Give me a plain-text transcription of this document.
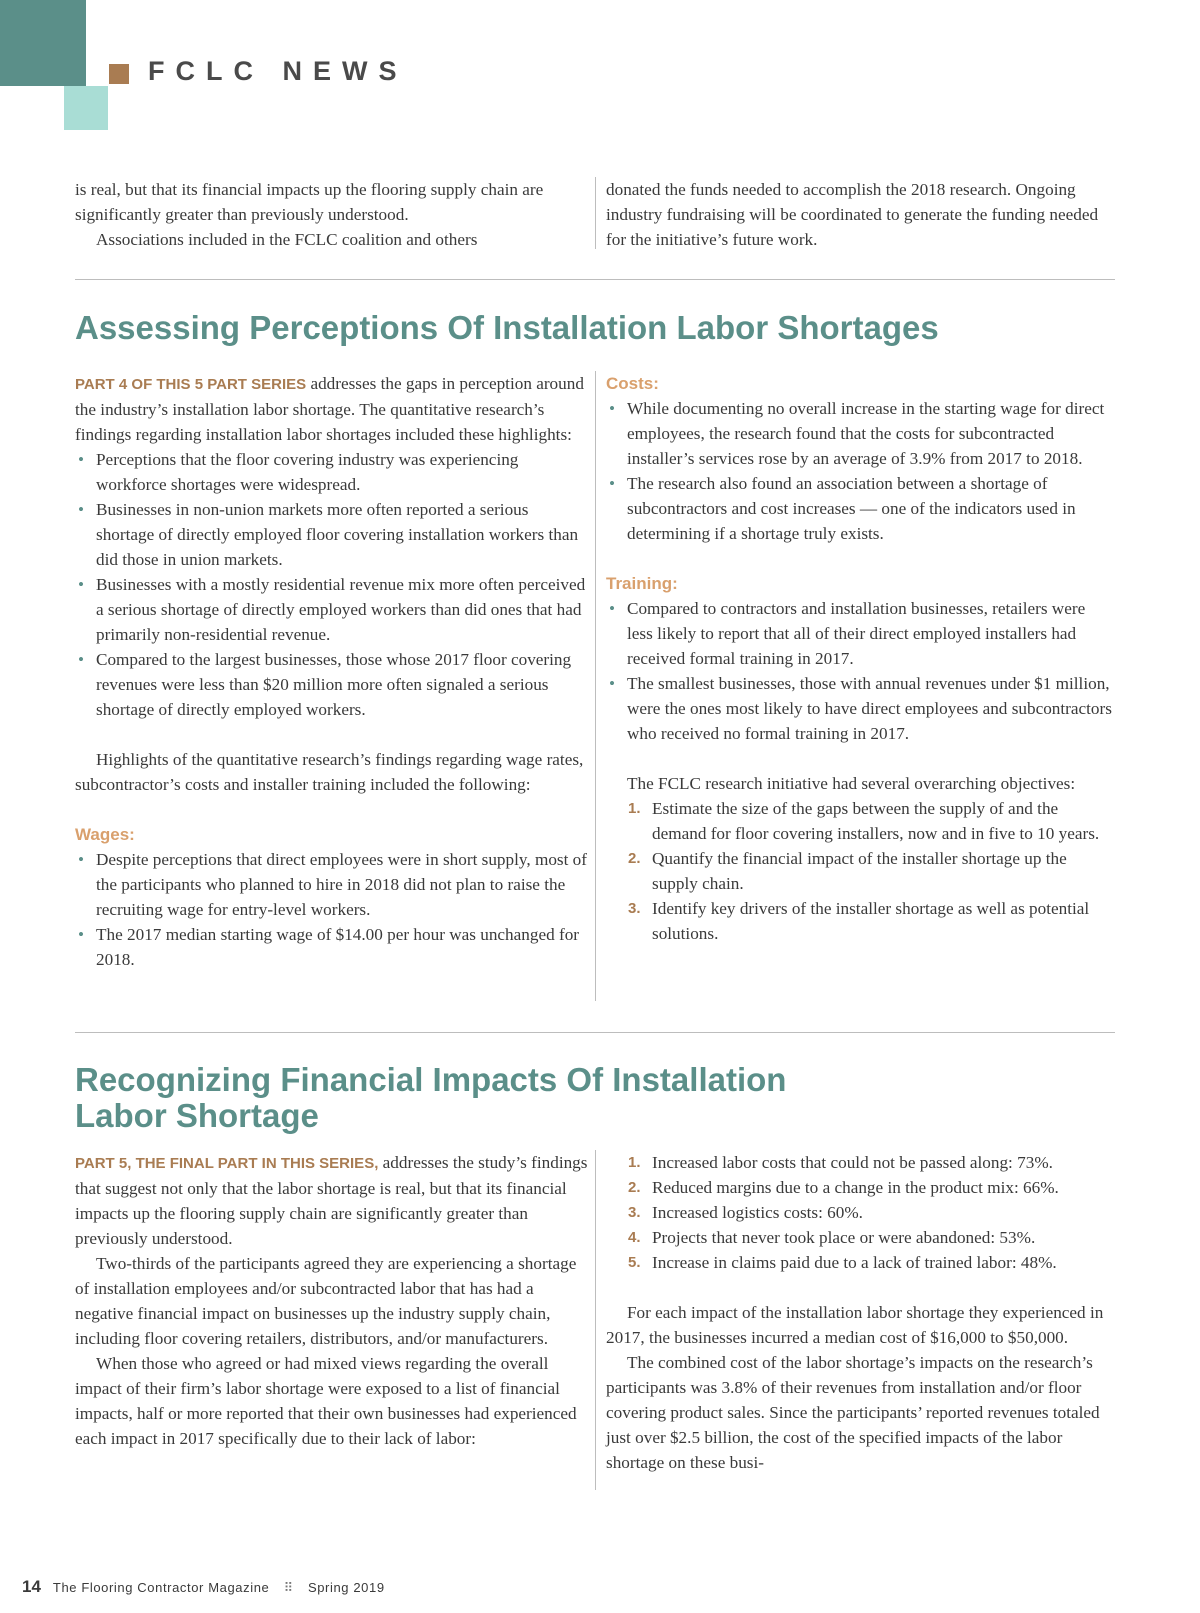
FCLC NEWS

is real, but that its financial impacts up the flooring supply chain are significantly greater than previously understood.

Associations included in the FCLC coalition and others

donated the funds needed to accomplish the 2018 research. Ongoing industry fundraising will be coordinated to generate the funding needed for the initiative’s future work.

Assessing Perceptions Of Installation Labor Shortages

PART 4 OF THIS 5 PART SERIES addresses the gaps in perception around the industry’s installation labor shortage. The quantitative research’s findings regarding installation labor shortages included these highlights:

• Perceptions that the floor covering industry was experiencing workforce shortages were widespread.
• Businesses in non-union markets more often reported a serious shortage of directly employed floor covering installation workers than did those in union markets.
• Businesses with a mostly residential revenue mix more often perceived a serious shortage of directly employed workers than did ones that had primarily non-residential revenue.
• Compared to the largest businesses, those whose 2017 floor covering revenues were less than $20 million more often signaled a serious shortage of directly employed workers.

Highlights of the quantitative research’s findings regarding wage rates, subcontractor’s costs and installer training included the following:

Wages:
• Despite perceptions that direct employees were in short supply, most of the participants who planned to hire in 2018 did not plan to raise the recruiting wage for entry-level workers.
• The 2017 median starting wage of $14.00 per hour was unchanged for 2018.
Costs:
• While documenting no overall increase in the starting wage for direct employees, the research found that the costs for subcontracted installer’s services rose by an average of 3.9% from 2017 to 2018.
• The research also found an association between a shortage of subcontractors and cost increases — one of the indicators used in determining if a shortage truly exists.
Training:
• Compared to contractors and installation businesses, retailers were less likely to report that all of their direct employed installers had received formal training in 2017.
• The smallest businesses, those with annual revenues under $1 million, were the ones most likely to have direct employees and subcontractors who received no formal training in 2017.

The FCLC research initiative had several overarching objectives:

1. Estimate the size of the gaps between the supply of and the demand for floor covering installers, now and in five to 10 years.
2. Quantify the financial impact of the installer shortage up the supply chain.
3. Identify key drivers of the installer shortage as well as potential solutions.
Recognizing Financial Impacts Of Installation
Labor Shortage

PART 5, THE FINAL PART IN THIS SERIES, addresses the study’s findings that suggest not only that the labor shortage is real, but that its financial impacts up the flooring supply chain are significantly greater than previously understood.

Two-thirds of the participants agreed they are experiencing a shortage of installation employees and/or subcontracted labor that has had a negative financial impact on businesses up the industry supply chain, including floor covering retailers, distributors, and/or manufacturers.

When those who agreed or had mixed views regarding the overall impact of their firm’s labor shortage were exposed to a list of financial impacts, half or more reported that their own businesses had experienced each impact in 2017 specifically due to their lack of labor:

1. Increased labor costs that could not be passed along: 73%.
2. Reduced margins due to a change in the product mix: 66%.
3. Increased logistics costs: 60%.
4. Projects that never took place or were abandoned: 53%.
5. Increase in claims paid due to a lack of trained labor: 48%.

For each impact of the installation labor shortage they experienced in 2017, the businesses incurred a median cost of $16,000 to $50,000.

The combined cost of the labor shortage’s impacts on the research’s participants was 3.8% of their revenues from installation and/or floor covering product sales. Since the participants’ reported revenues totaled just over $2.5 billion, the cost of the specified impacts of the labor shortage on these busi-

14 The Flooring Contractor Magazine ⠿ Spring 2019
